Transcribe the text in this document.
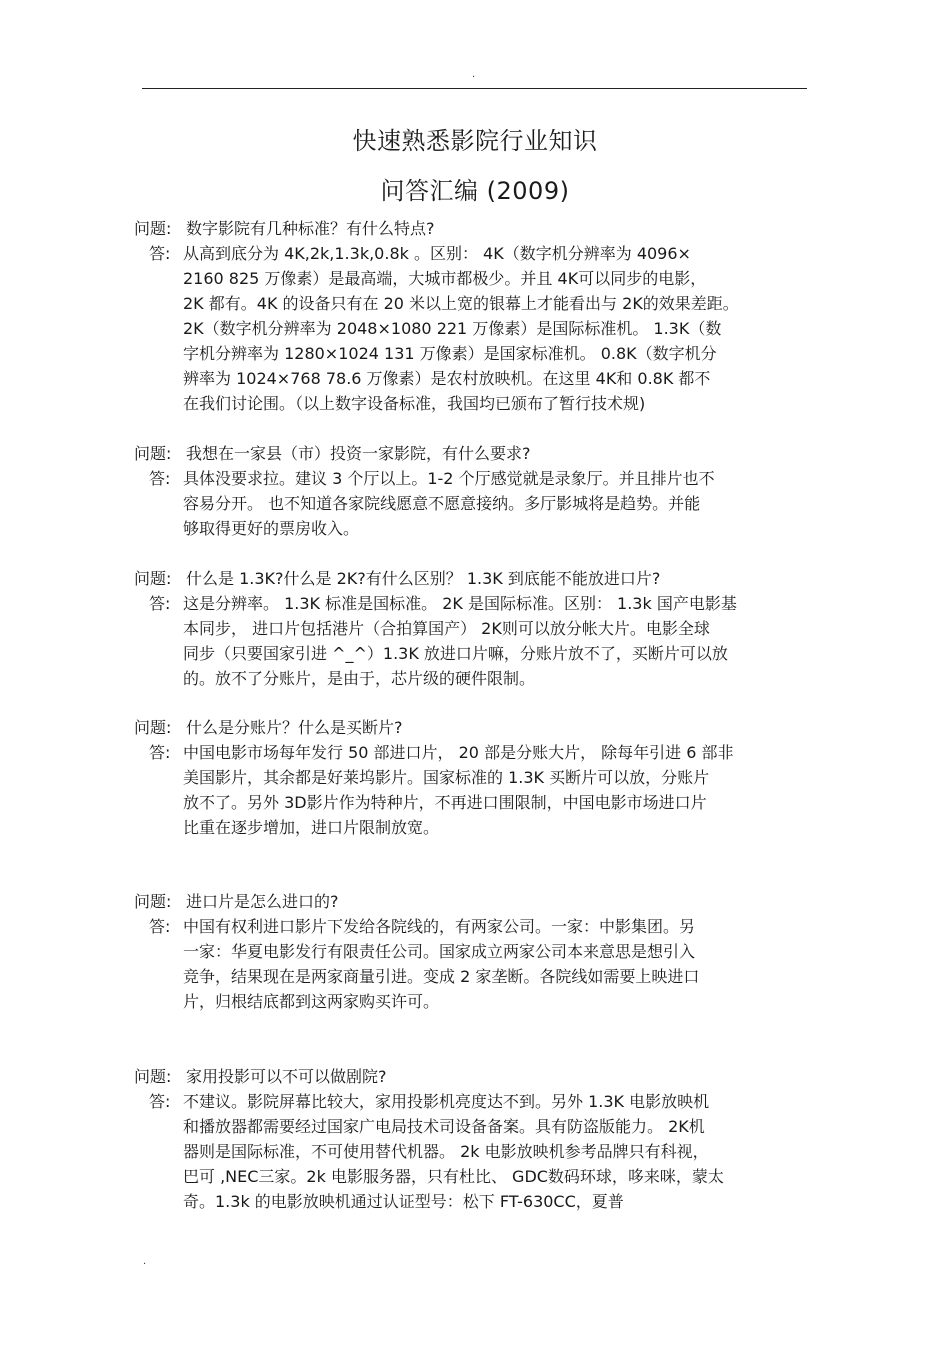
.
快速熟悉影院行业知识
问答汇编 (2009)
问题: 数字影院有几种标准？有什么特点?
答: 从高到底分为 4K,2k,1.3k,0.8k 。区别： 4K（数字机分辨率为 4096×
2160 825 万像素）是最高端，大城市都极少。并且 4K可以同步的电影，
2K 都有。4K 的设备只有在 20 米以上宽的银幕上才能看出与 2K的效果差距。
2K（数字机分辨率为 2048×1080 221 万像素）是国际标准机。 1.3K（数
字机分辨率为 1280×1024 131 万像素）是国家标准机。 0.8K（数字机分
辨率为 1024×768 78.6 万像素）是农村放映机。在这里 4K和 0.8K 都不
在我们讨论围。（以上数字设备标准，我国均已颁布了暂行技术规)
问题: 我想在一家县（市）投资一家影院，有什么要求?
答: 具体没要求拉。建议 3 个厅以上。1-2 个厅感觉就是录象厅。并且排片也不
容易分开。 也不知道各家院线愿意不愿意接纳。多厅影城将是趋势。并能
够取得更好的票房收入。
问题: 什么是 1.3K?什么是 2K?有什么区别？ 1.3K 到底能不能放进口片?
答: 这是分辨率。 1.3K 标准是国标准。 2K 是国际标准。区别： 1.3k 国产电影基
本同步， 进口片包括港片（合拍算国产） 2K则可以放分帐大片。电影全球
同步（只要国家引进 ^_^）1.3K 放进口片嘛，分账片放不了，买断片可以放
的。放不了分账片，是由于，芯片级的硬件限制。
问题: 什么是分账片？什么是买断片?
答: 中国电影市场每年发行 50 部进口片， 20 部是分账大片， 除每年引进 6 部非
美国影片，其余都是好莱坞影片。国家标准的 1.3K 买断片可以放，分账片
放不了。另外 3D影片作为特种片，不再进口围限制，中国电影市场进口片
比重在逐步增加，进口片限制放宽。
问题: 进口片是怎么进口的?
答: 中国有权利进口影片下发给各院线的，有两家公司。一家：中影集团。另
一家：华夏电影发行有限责任公司。国家成立两家公司本来意思是想引入
竞争，结果现在是两家商量引进。变成 2 家垄断。各院线如需要上映进口
片，归根结底都到这两家购买许可。
问题: 家用投影可以不可以做剧院?
答: 不建议。影院屏幕比较大，家用投影机亮度达不到。另外 1.3K 电影放映机
和播放器都需要经过国家广电局技术司设备备案。具有防盗版能力。 2K机
器则是国际标准，不可使用替代机器。 2k 电影放映机参考品牌只有科视，
巴可 ,NEC三家。2k 电影服务器，只有杜比、 GDC数码环球，哆来咪，蒙太
奇。1.3k 的电影放映机通过认证型号：松下 FT-630CC，夏普
.
